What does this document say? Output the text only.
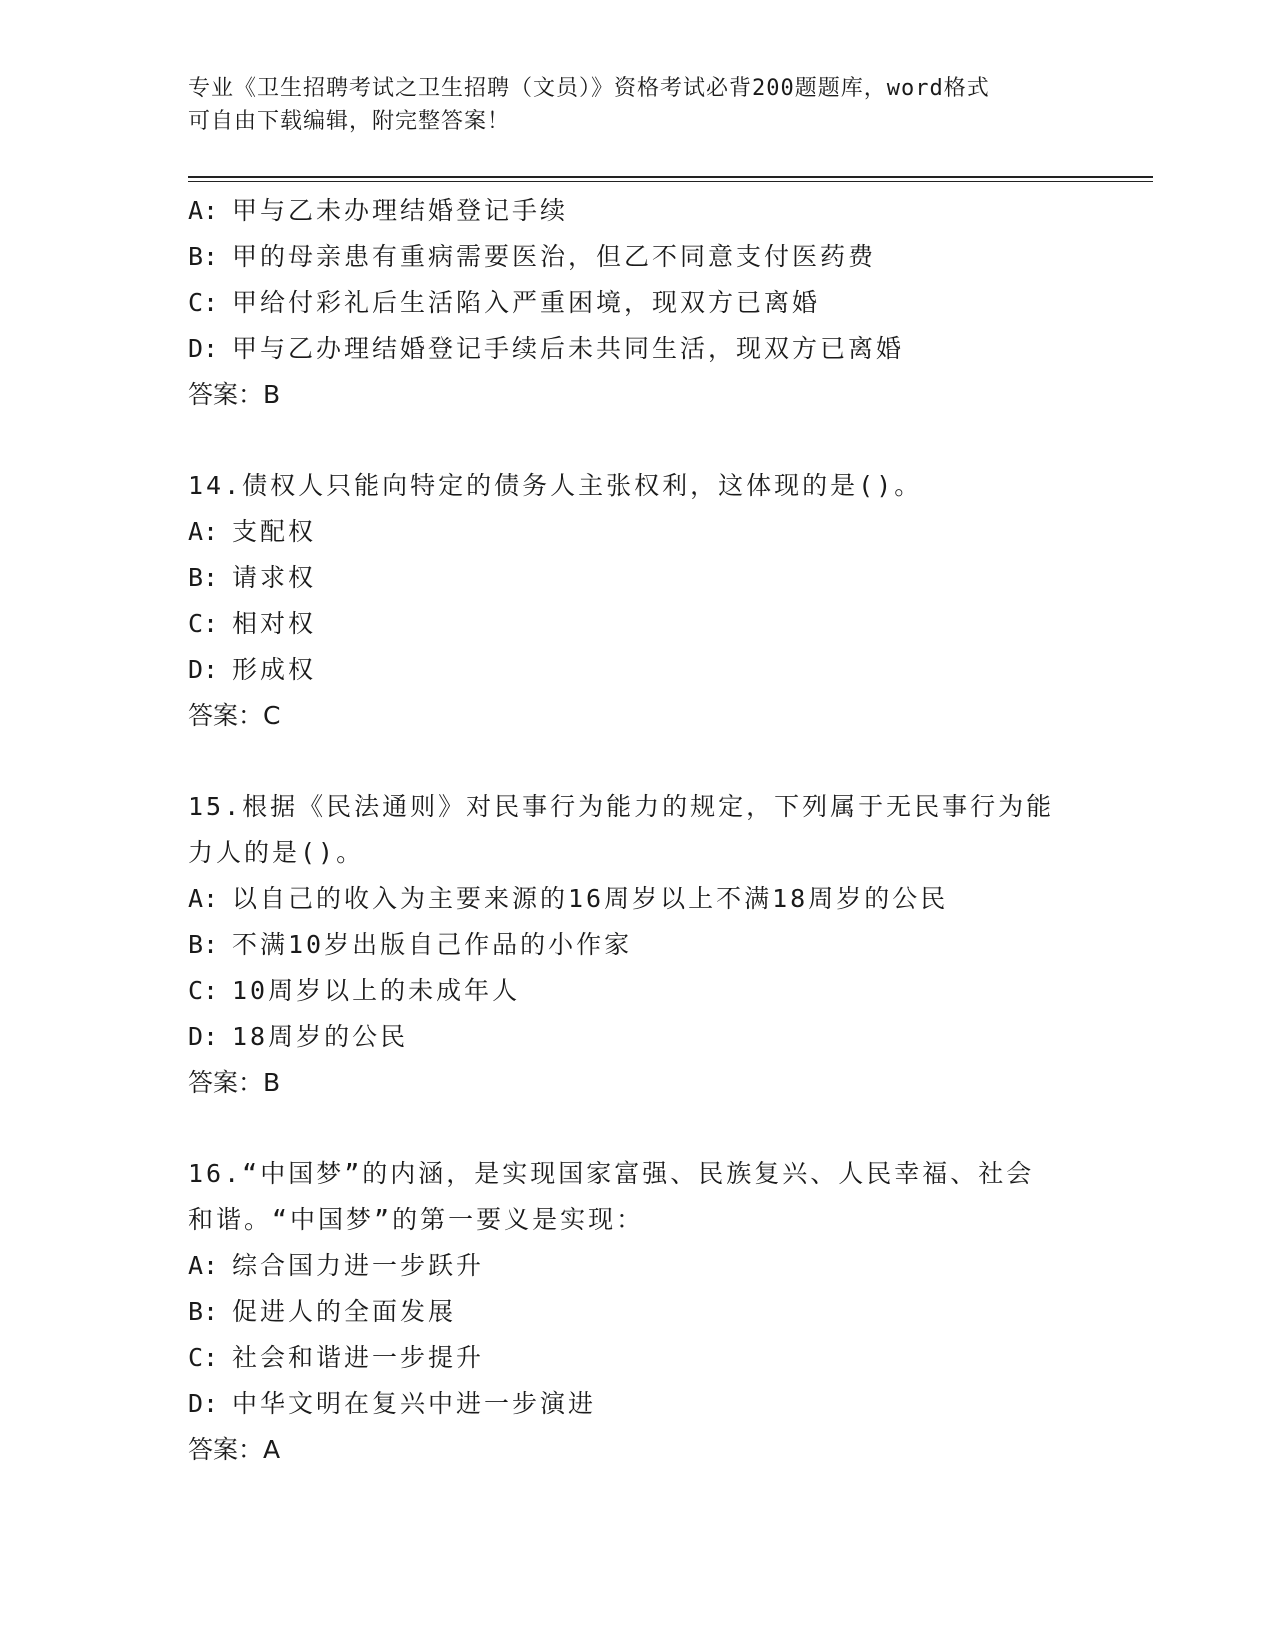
专业《卫生招聘考试之卫生招聘（文员）》资格考试必背200题题库，word格式
可自由下载编辑，附完整答案！
A: 甲与乙未办理结婚登记手续
B: 甲的母亲患有重病需要医治，但乙不同意支付医药费
C: 甲给付彩礼后生活陷入严重困境，现双方已离婚
D: 甲与乙办理结婚登记手续后未共同生活，现双方已离婚
答案：B
14.债权人只能向特定的债务人主张权利，这体现的是()。
A: 支配权
B: 请求权
C: 相对权
D: 形成权
答案：C
15.根据《民法通则》对民事行为能力的规定，下列属于无民事行为能
力人的是()。
A: 以自己的收入为主要来源的16周岁以上不满18周岁的公民
B: 不满10岁出版自己作品的小作家
C: 10周岁以上的未成年人
D: 18周岁的公民
答案：B
16.“中国梦”的内涵，是实现国家富强、民族复兴、人民幸福、社会
和谐。“中国梦”的第一要义是实现：
A: 综合国力进一步跃升
B: 促进人的全面发展
C: 社会和谐进一步提升
D: 中华文明在复兴中进一步演进
答案：A
